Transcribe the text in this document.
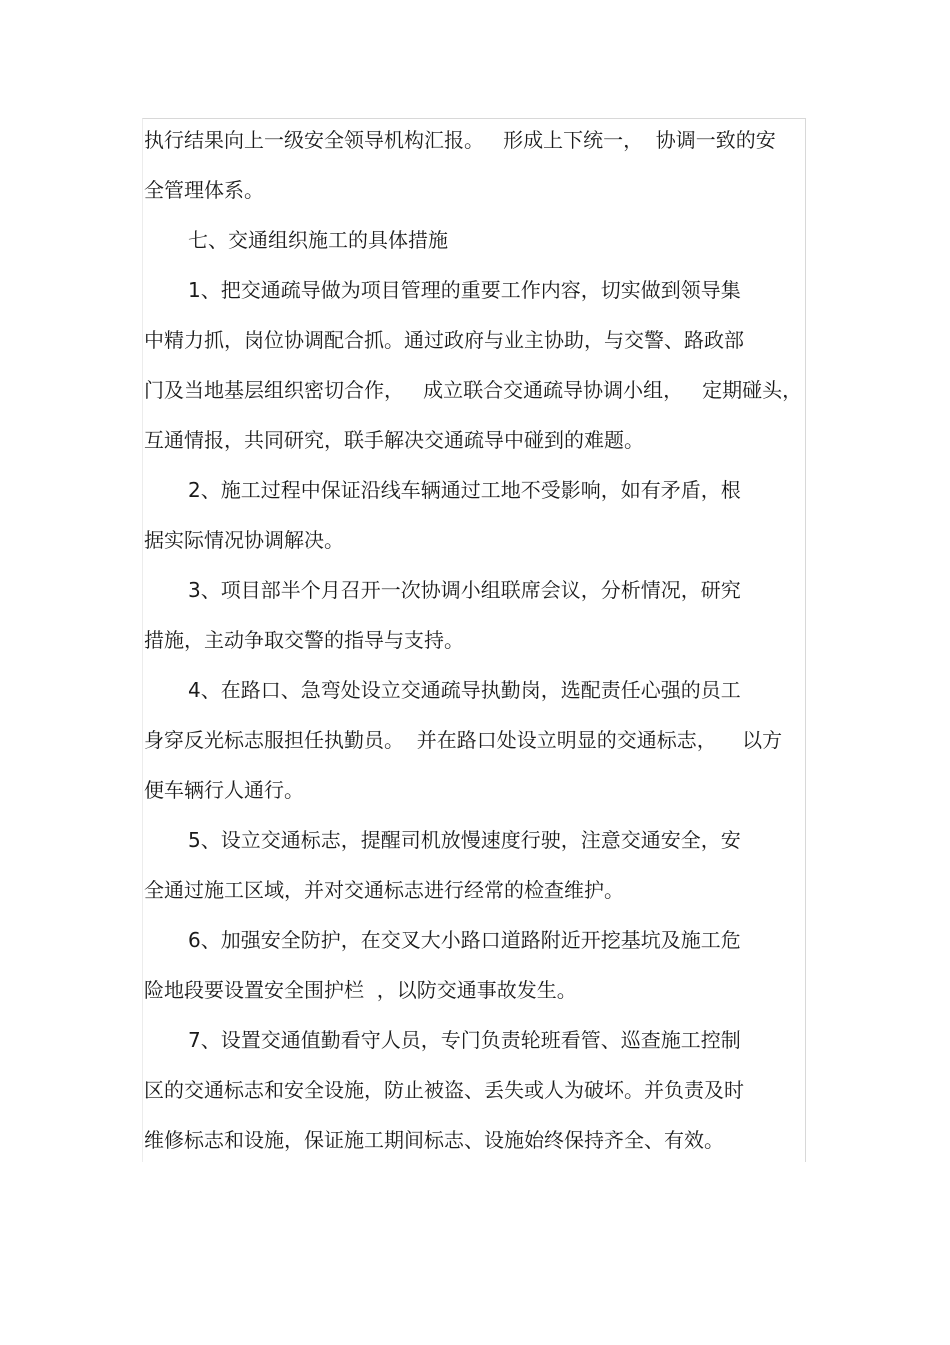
执行结果向上一级安全领导机构汇报。   形成上下统一，  协调一致的安
全管理体系。
七、交通组织施工的具体措施
1、把交通疏导做为项目管理的重要工作内容，切实做到领导集
中精力抓，岗位协调配合抓。通过政府与业主协助，与交警、路政部
门及当地基层组织密切合作，   成立联合交通疏导协调小组，   定期碰头，
互通情报，共同研究，联手解决交通疏导中碰到的难题。
2、施工过程中保证沿线车辆通过工地不受影响，如有矛盾，根
据实际情况协调解决。
3、项目部半个月召开一次协调小组联席会议，分析情况，研究
措施，主动争取交警的指导与支持。
4、在路口、急弯处设立交通疏导执勤岗，选配责任心强的员工
身穿反光标志服担任执勤员。  并在路口处设立明显的交通标志，    以方
便车辆行人通行。
5、设立交通标志，提醒司机放慢速度行驶，注意交通安全，安
全通过施工区域，并对交通标志进行经常的检查维护。
6、加强安全防护，在交叉大小路口道路附近开挖基坑及施工危
险地段要设置安全围护栏  ，以防交通事故发生。
7、设置交通值勤看守人员，专门负责轮班看管、巡查施工控制
区的交通标志和安全设施，防止被盗、丢失或人为破坏。并负责及时
维修标志和设施，保证施工期间标志、设施始终保持齐全、有效。
